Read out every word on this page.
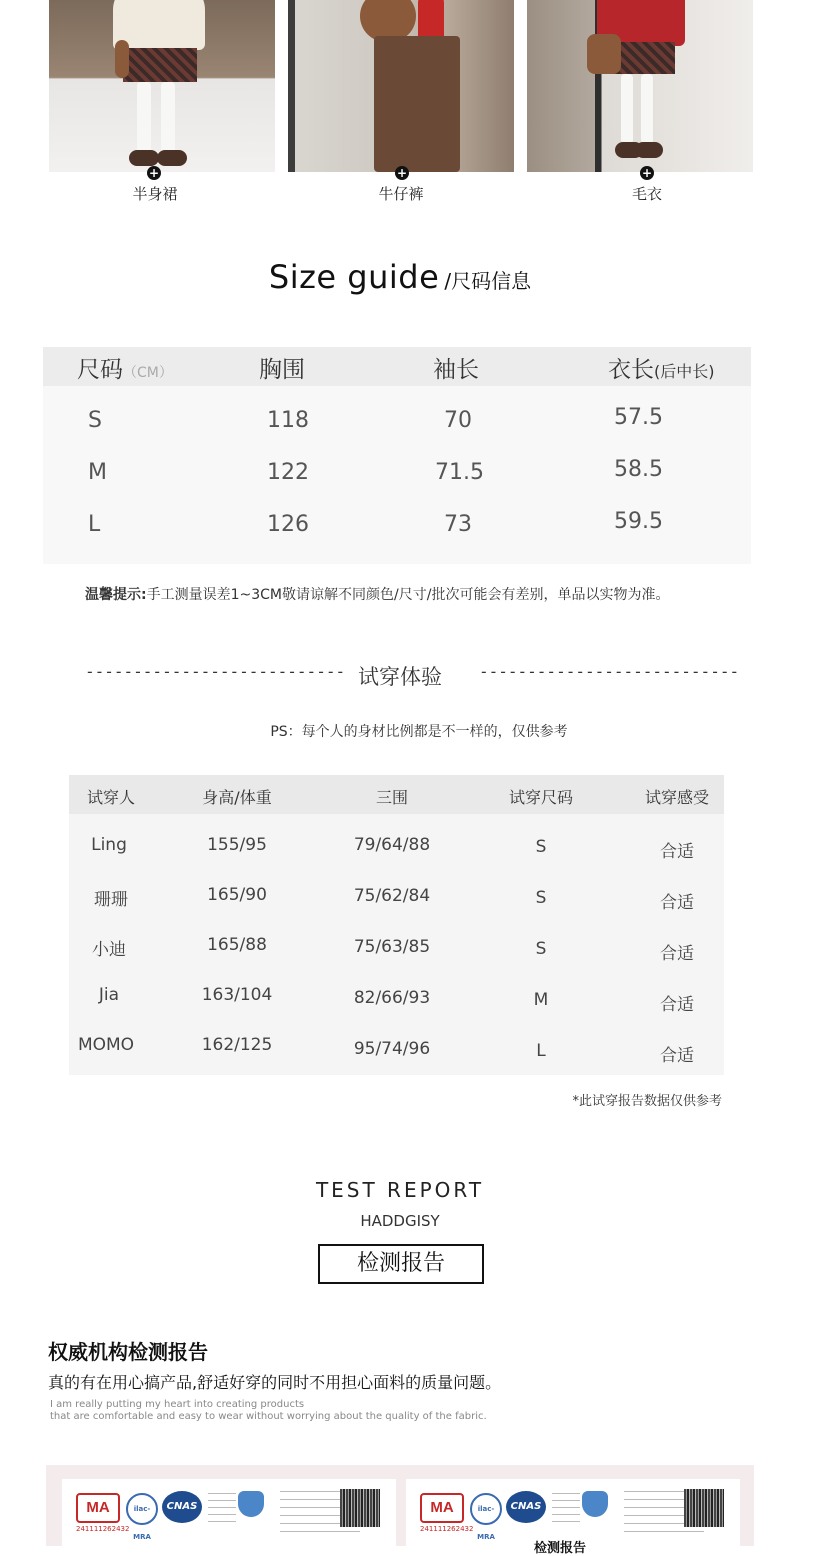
+	+	+
半身裙	牛仔裤	毛衣
Size guide /尺码信息
尺码（CM）	胸围	袖长	衣长(后中长)
S	118	70	57.5
M	122	71.5	58.5
L	126	73	59.5
温馨提示:手工测量误差1~3CM敬请谅解不同颜色/尺寸/批次可能会有差别，单品以实物为准。
--------------------------- 试穿体验	---------------------------
PS：每个人的身材比例都是不一样的，仅供参考
试穿人	身高/体重	三围	试穿尺码	试穿感受
Ling	155/95	79/64/88	S	合适
珊珊	165/90	75/62/84	S	合适
小迪	165/88	75/63/85	S	合适
Jia	163/104	82/66/93	M	合适
MOMO	162/125	95/74/96	L	合适
*此试穿报告数据仅供参考
TEST REPORT
HADDGISY
检测报告
权威机构检测报告
真的有在用心搞产品,舒适好穿的同时不用担心面料的质量问题。
I am really putting my heart into creating products
that are comfortable and easy to wear without worrying about the quality of the fabric.
MA
241111262432
ilac-MRA
CNAS	MA
241111262432
ilac-MRA
CNAS
检测报告
